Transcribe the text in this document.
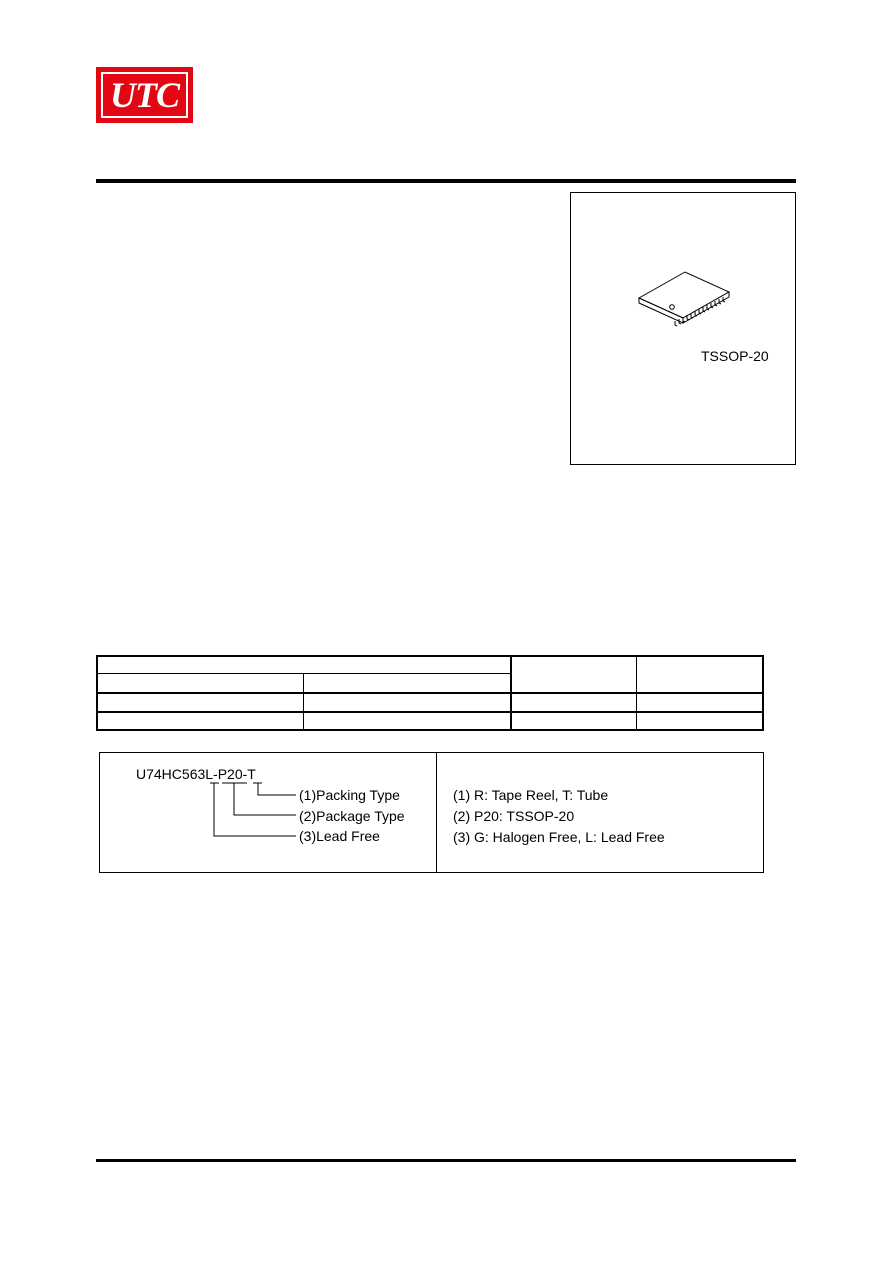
UTC
TSSOP-20
U74HC563L-P20-T
(1)Packing Type
(2)Package Type
(3)Lead Free
(1) R: Tape Reel, T: Tube
(2) P20: TSSOP-20
(3) G: Halogen Free, L: Lead Free
